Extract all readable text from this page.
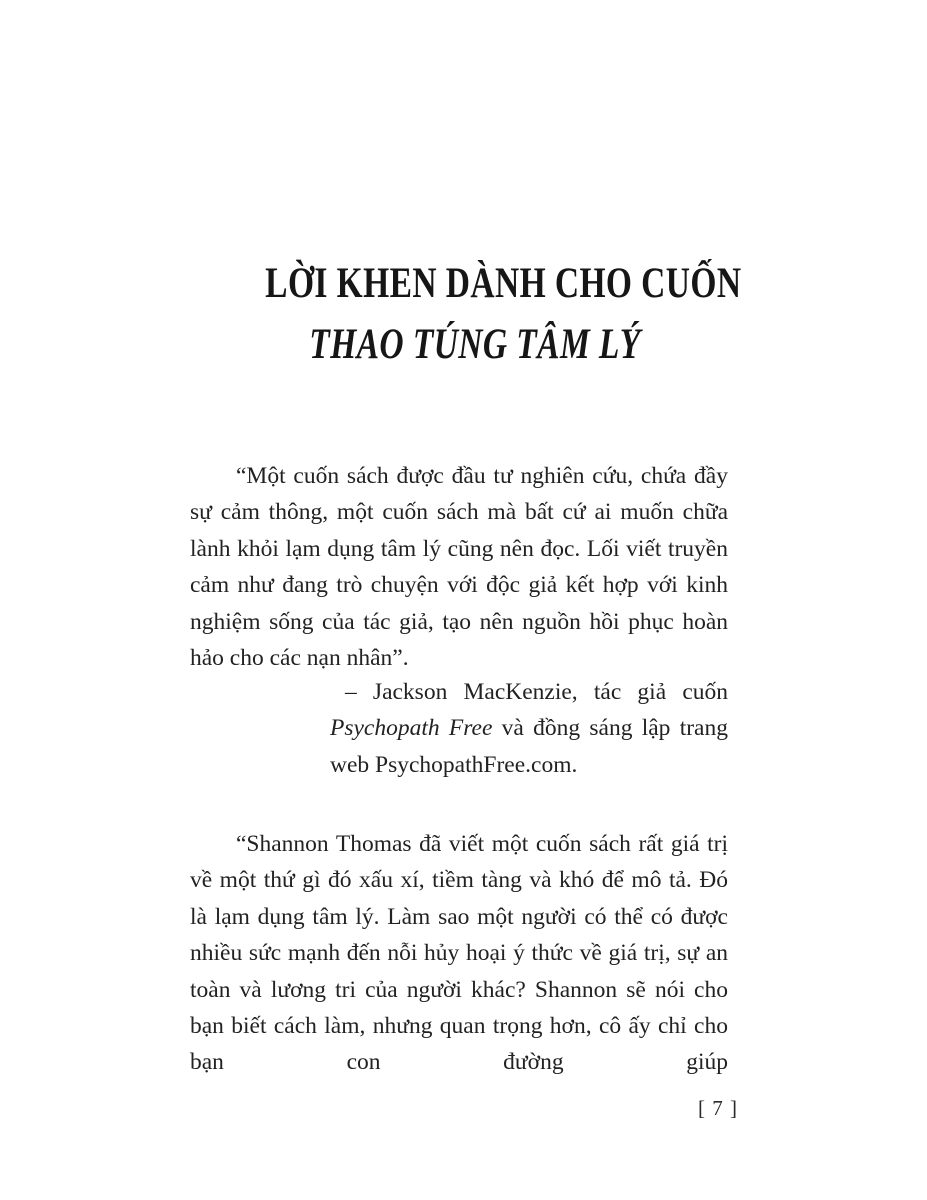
LỜI KHEN DÀNH CHO CUỐN
THAO TÚNG TÂM LÝ

“Một cuốn sách được đầu tư nghiên cứu, chứa đầy sự cảm thông, một cuốn sách mà bất cứ ai muốn chữa lành khỏi lạm dụng tâm lý cũng nên đọc. Lối viết truyền cảm như đang trò chuyện với độc giả kết hợp với kinh nghiệm sống của tác giả, tạo nên nguồn hồi phục hoàn hảo cho các nạn nhân”.

– Jackson MacKenzie, tác giả cuốn Psychopath Free và đồng sáng lập trang web PsychopathFree.com.

“Shannon Thomas đã viết một cuốn sách rất giá trị về một thứ gì đó xấu xí, tiềm tàng và khó để mô tả. Đó là lạm dụng tâm lý. Làm sao một người có thể có được nhiều sức mạnh đến nỗi hủy hoại ý thức về giá trị, sự an toàn và lương tri của người khác? Shannon sẽ nói cho bạn biết cách làm, nhưng quan trọng hơn, cô ấy chỉ cho bạn con đường giúp

[ 7 ]
